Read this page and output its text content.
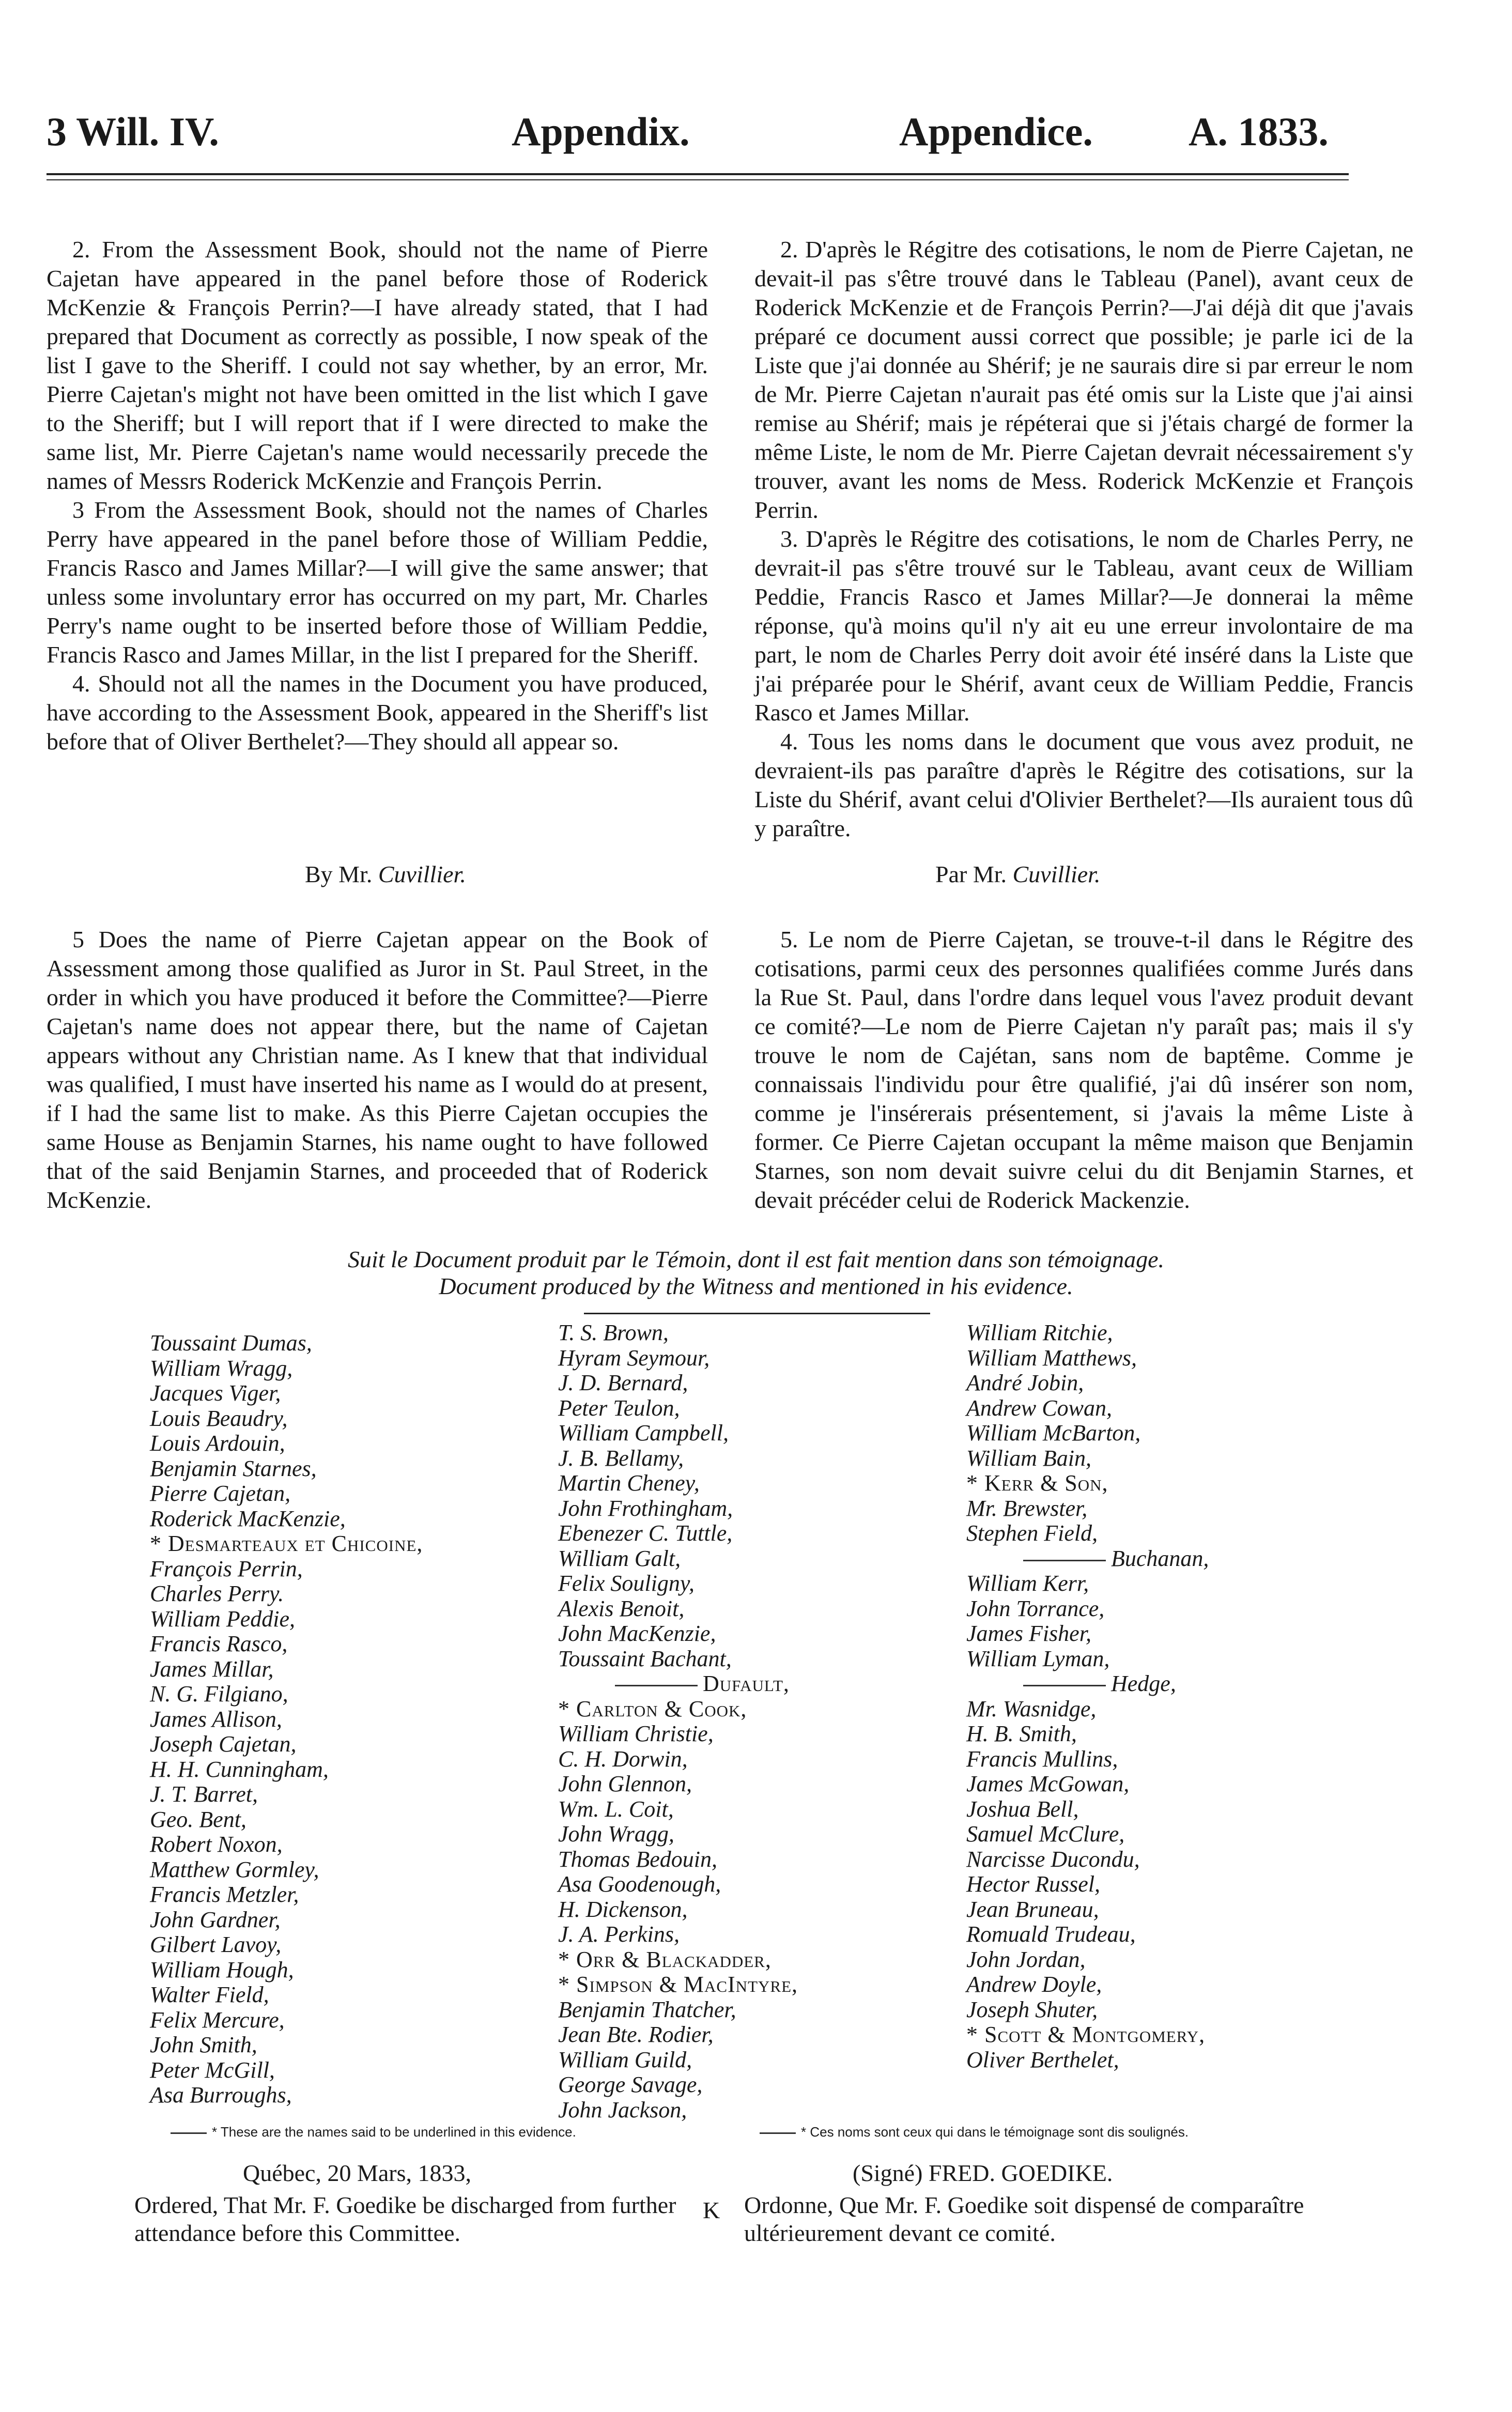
3 Will. IV.	Appendix.	Appendice. A. 1833.

2. From the Assessment Book, should not the name of Pierre Cajetan have appeared in the panel before those of Roderick McKenzie & François Perrin?—I have already stated, that I had prepared that Document as correctly as possible, I now speak of the list I gave to the Sheriff. I could not say whether, by an error, Mr. Pierre Cajetan's might not have been omitted in the list which I gave to the Sheriff; but I will report that if I were directed to make the same list, Mr. Pierre Cajetan's name would necessarily precede the names of Messrs Roderick McKenzie and François Perrin.

3 From the Assessment Book, should not the names of Charles Perry have appeared in the panel before those of William Peddie, Francis Rasco and James Millar?—I will give the same answer; that unless some involuntary error has occurred on my part, Mr. Charles Perry's name ought to be inserted before those of William Peddie, Francis Rasco and James Millar, in the list I prepared for the Sheriff.

4. Should not all the names in the Document you have produced, have according to the Assessment Book, appeared in the Sheriff's list before that of Oliver Berthelet?—They should all appear so.

2. D'après le Régitre des cotisations, le nom de Pierre Cajetan, ne devait-il pas s'être trouvé dans le Tableau (Panel), avant ceux de Roderick McKenzie et de François Perrin?—J'ai déjà dit que j'avais préparé ce document aussi correct que possible; je parle ici de la Liste que j'ai donnée au Shérif; je ne saurais dire si par erreur le nom de Mr. Pierre Cajetan n'aurait pas été omis sur la Liste que j'ai ainsi remise au Shérif; mais je répéterai que si j'étais chargé de former la même Liste, le nom de Mr. Pierre Cajetan devrait nécessairement s'y trouver, avant les noms de Mess. Roderick McKenzie et François Perrin.

3. D'après le Régitre des cotisations, le nom de Charles Perry, ne devrait-il pas s'être trouvé sur le Tableau, avant ceux de William Peddie, Francis Rasco et James Millar?—Je donnerai la même réponse, qu'à moins qu'il n'y ait eu une erreur involontaire de ma part, le nom de Charles Perry doit avoir été inséré dans la Liste que j'ai préparée pour le Shérif, avant ceux de William Peddie, Francis Rasco et James Millar.

4. Tous les noms dans le document que vous avez produit, ne devraient-ils pas paraître d'après le Régitre des cotisations, sur la Liste du Shérif, avant celui d'Olivier Berthelet?—Ils auraient tous dû y paraître.

By Mr. Cuvillier.	Par Mr. Cuvillier.

5 Does the name of Pierre Cajetan appear on the Book of Assessment among those qualified as Juror in St. Paul Street, in the order in which you have produced it before the Committee?—Pierre Cajetan's name does not appear there, but the name of Cajetan appears without any Christian name. As I knew that that individual was qualified, I must have inserted his name as I would do at present, if I had the same list to make. As this Pierre Cajetan occupies the same House as Benjamin Starnes, his name ought to have followed that of the said Benjamin Starnes, and proceeded that of Roderick McKenzie.

5. Le nom de Pierre Cajetan, se trouve-t-il dans le Régitre des cotisations, parmi ceux des personnes qualifiées comme Jurés dans la Rue St. Paul, dans l'ordre dans lequel vous l'avez produit devant ce comité?—Le nom de Pierre Cajetan n'y paraît pas; mais il s'y trouve le nom de Cajétan, sans nom de baptême. Comme je connaissais l'individu pour être qualifié, j'ai dû insérer son nom, comme je l'insérerais présentement, si j'avais la même Liste à former. Ce Pierre Cajetan occupant la même maison que Benjamin Starnes, son nom devait suivre celui du dit Benjamin Starnes, et devait précéder celui de Roderick Mackenzie.

Suit le Document produit par le Témoin, dont il est fait mention dans son témoignage.
Document produced by the Witness and mentioned in his evidence.
Toussaint Dumas,
William Wragg,
Jacques Viger,
Louis Beaudry,
Louis Ardouin,
Benjamin Starnes,
Pierre Cajetan,
Roderick MacKenzie,
* Desmarteaux et Chicoine,
François Perrin,
Charles Perry.
William Peddie,
Francis Rasco,
James Millar,
N. G. Filgiano,
James Allison,
Joseph Cajetan,
H. H. Cunningham,
J. T. Barret,
Geo. Bent,
Robert Noxon,
Matthew Gormley,
Francis Metzler,
John Gardner,
Gilbert Lavoy,
William Hough,
Walter Field,
Felix Mercure,
John Smith,
Peter McGill,
Asa Burroughs,
T. S. Brown,
Hyram Seymour,
J. D. Bernard,
Peter Teulon,
William Campbell,
J. B. Bellamy,
Martin Cheney,
John Frothingham,
Ebenezer C. Tuttle,
William Galt,
Felix Souligny,
Alexis Benoit,
John MacKenzie,
Toussaint Bachant,
Dufault,
* Carlton & Cook,
William Christie,
C. H. Dorwin,
John Glennon,
Wm. L. Coit,
John Wragg,
Thomas Bedouin,
Asa Goodenough,
H. Dickenson,
J. A. Perkins,
* Orr & Blackadder,
* Simpson & MacIntyre,
Benjamin Thatcher,
Jean Bte. Rodier,
William Guild,
George Savage,
John Jackson,
William Ritchie,
William Matthews,
André Jobin,
Andrew Cowan,
William McBarton,
William Bain,
* Kerr & Son,
Mr. Brewster,
Stephen Field,
Buchanan,
William Kerr,
John Torrance,
James Fisher,
William Lyman,
Hedge,
Mr. Wasnidge,
H. B. Smith,
Francis Mullins,
James McGowan,
Joshua Bell,
Samuel McClure,
Narcisse Ducondu,
Hector Russel,
Jean Bruneau,
Romuald Trudeau,
John Jordan,
Andrew Doyle,
Joseph Shuter,
* Scott & Montgomery,
Oliver Berthelet,
* These are the names said to be underlined in this evidence.	* Ces noms sont ceux qui dans le témoignage sont dis soulignés.
Québec, 20 Mars, 1833,	(Signé) FRED. GOEDIKE.
Ordered, That Mr. F. Goedike be discharged from further attendance before this Committee.
K Ordonne, Que Mr. F. Goedike soit dispensé de comparaître ultérieurement devant ce comité.
